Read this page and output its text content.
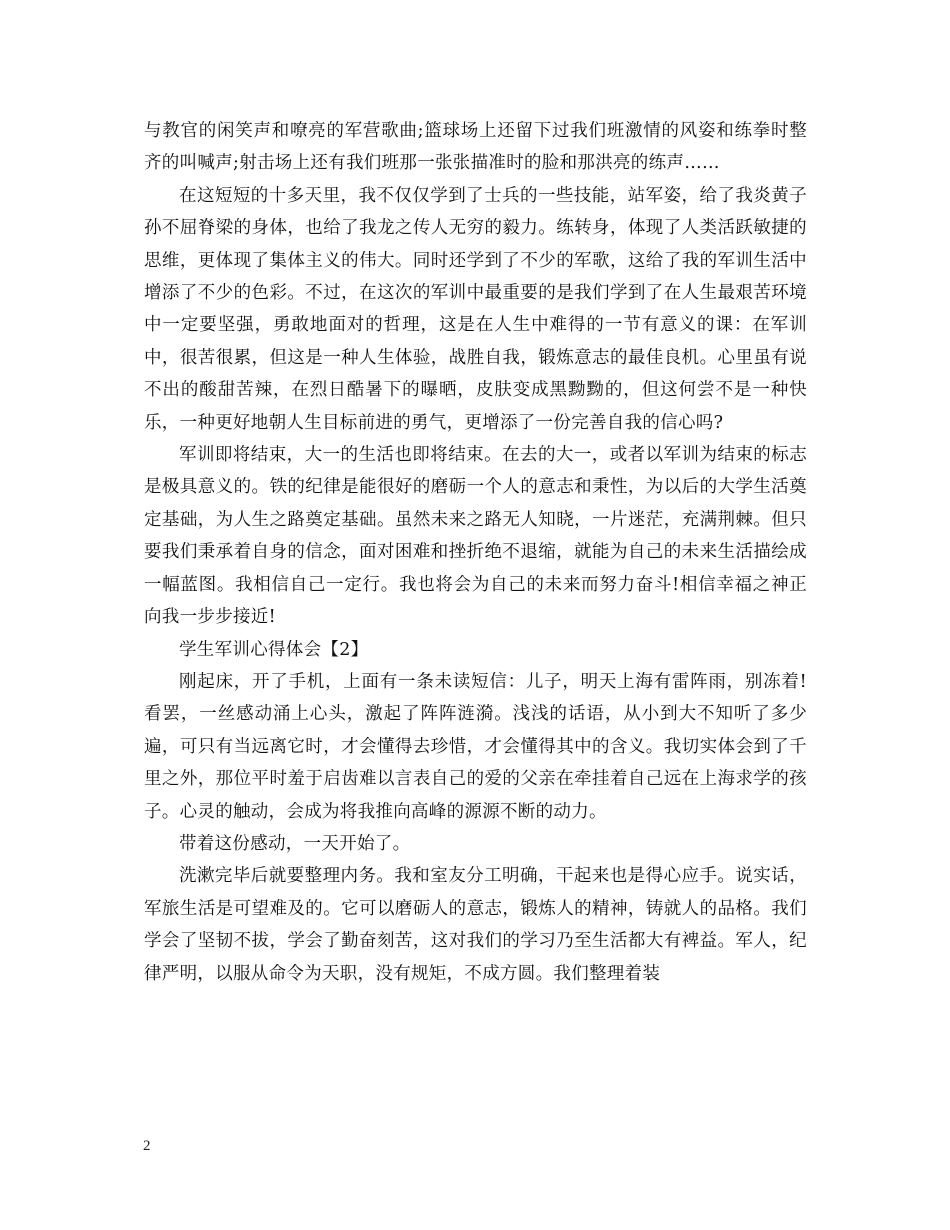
与教官的闲笑声和嘹亮的军营歌曲;篮球场上还留下过我们班激情的风姿和练拳时整齐的叫喊声;射击场上还有我们班那一张张描准时的脸和那洪亮的练声……

在这短短的十多天里，我不仅仅学到了士兵的一些技能，站军姿，给了我炎黄子孙不屈脊梁的身体，也给了我龙之传人无穷的毅力。练转身，体现了人类活跃敏捷的思维，更体现了集体主义的伟大。同时还学到了不少的军歌，这给了我的军训生活中增添了不少的色彩。不过，在这次的军训中最重要的是我们学到了在人生最艰苦环境中一定要坚强，勇敢地面对的哲理，这是在人生中难得的一节有意义的课：在军训中，很苦很累，但这是一种人生体验，战胜自我，锻炼意志的最佳良机。心里虽有说不出的酸甜苦辣，在烈日酷暑下的曝晒，皮肤变成黑黝黝的，但这何尝不是一种快乐，一种更好地朝人生目标前进的勇气，更增添了一份完善自我的信心吗?

军训即将结束，大一的生活也即将结束。在去的大一，或者以军训为结束的标志是极具意义的。铁的纪律是能很好的磨砺一个人的意志和秉性，为以后的大学生活奠定基础，为人生之路奠定基础。虽然未来之路无人知晓，一片迷茫，充满荆棘。但只要我们秉承着自身的信念，面对困难和挫折绝不退缩，就能为自己的未来生活描绘成一幅蓝图。我相信自己一定行。我也将会为自己的未来而努力奋斗!相信幸福之神正向我一步步接近!

学生军训心得体会【2】

刚起床，开了手机，上面有一条未读短信：儿子，明天上海有雷阵雨，别冻着!看罢，一丝感动涌上心头，激起了阵阵涟漪。浅浅的话语，从小到大不知听了多少遍，可只有当远离它时，才会懂得去珍惜，才会懂得其中的含义。我切实体会到了千里之外，那位平时羞于启齿难以言表自己的爱的父亲在牵挂着自己远在上海求学的孩子。心灵的触动，会成为将我推向高峰的源源不断的动力。

带着这份感动，一天开始了。

洗漱完毕后就要整理内务。我和室友分工明确，干起来也是得心应手。说实话，军旅生活是可望难及的。它可以磨砺人的意志，锻炼人的精神，铸就人的品格。我们学会了坚韧不拔，学会了勤奋刻苦，这对我们的学习乃至生活都大有裨益。军人，纪律严明，以服从命令为天职，没有规矩，不成方圆。我们整理着装

2
